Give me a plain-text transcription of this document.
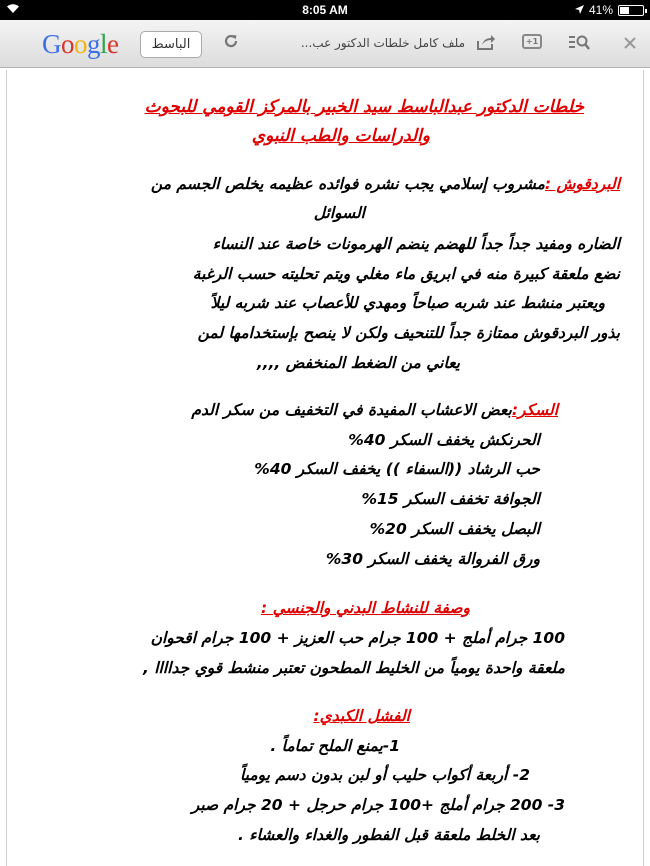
8:05 AM	41%
Google	الباسط	ملف كامل خلطات الدكتور عب...	+1
خلطات الدكتور عبدالباسط سيد الخبير بالمركز القومي للبحوث
والدراسات والطب النبوي
البردقوش :مشروب إسلامي يجب نشره فوائده عظيمه يخلص الجسم من
السوائل
الضاره ومفيد جداً جداً للهضم ينضم الهرمونات خاصة عند النساء
نضع ملعقة كبيرة منه في ابريق ماء مغلي ويتم تحليته حسب الرغبة
ويعتبر منشط عند شربه صباحاً ومهدي للأعصاب عند شربه ليلاً
بذور البردقوش ممتازة جداً للتنحيف ولكن لا ينصح بإستخدامها لمن
يعاني من الضغط المنخفض ,,,,
السكر:بعض الاعشاب المفيدة في التخفيف من سكر الدم
الحرنكش يخفف السكر 40%
حب الرشاد ((السفاء )) يخفف السكر 40%
الجوافة تخفف السكر 15%
البصل يخفف السكر 20%
ورق الفروالة يخفف السكر 30%
وصفة للنشاط البدني والجنسي :
100 جرام أملج + 100 جرام حب العزيز + 100 جرام اقحوان
ملعقة واحدة يومياً من الخليط المطحون تعتبر منشط قوي جداااا ,
الفشل الكبدي:
1-يمنع الملح تماماً .
2- أربعة أكواب حليب أو لبن بدون دسم يومياً
3- 200 جرام أملج +100 جرام حرجل + 20 جرام صبر
بعد الخلط ملعقة قبل الفطور والغداء والعشاء .
